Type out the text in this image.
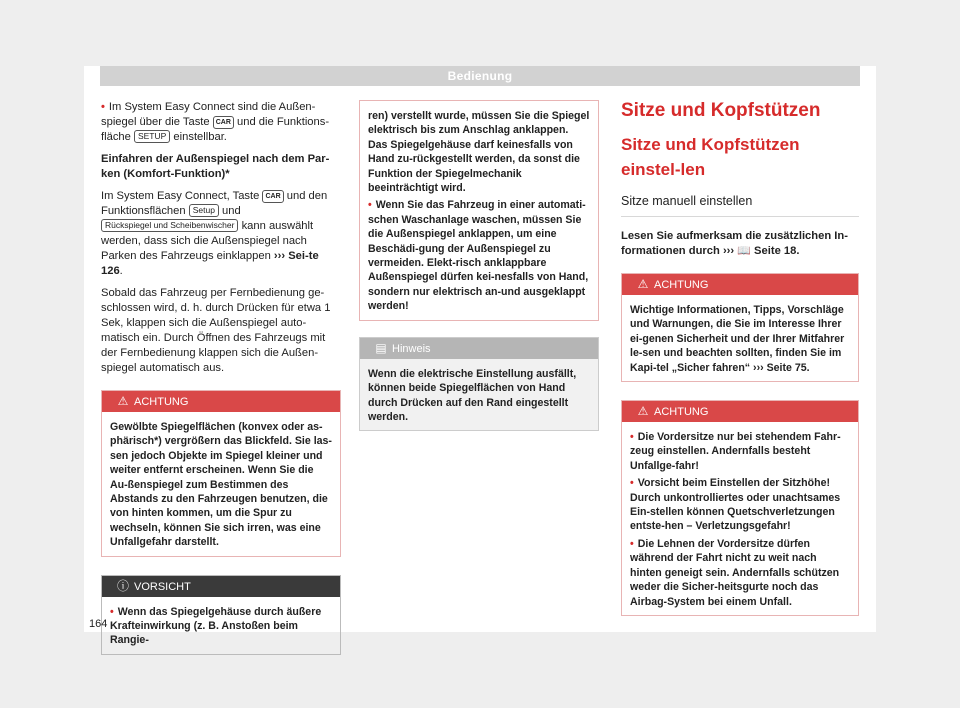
Bedienung

• Im System Easy Connect sind die Außen-spiegel über die Taste CAR und die Funktions-fläche SETUP einstellbar.

Einfahren der Außenspiegel nach dem Par-ken (Komfort-Funktion)*

Im System Easy Connect, Taste CAR und den Funktionsflächen Setup und Rückspiegel und Scheibenwischer kann auswählt werden, dass sich die Außenspiegel nach Parken des Fahrzeugs einklappen ››› Sei-te 126.

Sobald das Fahrzeug per Fernbedienung ge-schlossen wird, d. h. durch Drücken für etwa 1 Sek, klappen sich die Außenspiegel auto-matisch ein. Durch Öffnen des Fahrzeugs mit der Fernbedienung klappen sich die Außen-spiegel automatisch aus.

⚠ ACHTUNG
Gewölbte Spiegelflächen (konvex oder as-phärisch*) vergrößern das Blickfeld. Sie las-sen jedoch Objekte im Spiegel kleiner und weiter entfernt erscheinen. Wenn Sie die Au-ßenspiegel zum Bestimmen des Abstands zu den Fahrzeugen benutzen, die von hinten kommen, um die Spur zu wechseln, können Sie sich irren, was eine Unfallgefahr darstellt.
ⓘ VORSICHT
• Wenn das Spiegelgehäuse durch äußere Krafteinwirkung (z. B. Anstoßen beim Rangie-
ren) verstellt wurde, müssen Sie die Spiegel elektrisch bis zum Anschlag anklappen. Das Spiegelgehäuse darf keinesfalls von Hand zu-rückgestellt werden, da sonst die Funktion der Spiegelmechanik beeinträchtigt wird.
• Wenn Sie das Fahrzeug in einer automati-schen Waschanlage waschen, müssen Sie die Außenspiegel anklappen, um eine Beschädi-gung der Außenspiegel zu vermeiden. Elekt-risch anklappbare Außenspiegel dürfen kei-nesfalls von Hand, sondern nur elektrisch an-und ausgeklappt werden!
▤ Hinweis
Wenn die elektrische Einstellung ausfällt, können beide Spiegelflächen von Hand durch Drücken auf den Rand eingestellt werden.
Sitze und Kopfstützen
Sitze und Kopfstützen einstel-len
Sitze manuell einstellen

Lesen Sie aufmerksam die zusätzlichen In-formationen durch ››› 📖 Seite 18.

⚠ ACHTUNG
Wichtige Informationen, Tipps, Vorschläge und Warnungen, die Sie im Interesse Ihrer ei-genen Sicherheit und der Ihrer Mitfahrer le-sen und beachten sollten, finden Sie im Kapi-tel „Sicher fahren“ ››› Seite 75.
⚠ ACHTUNG
• Die Vordersitze nur bei stehendem Fahr-zeug einstellen. Andernfalls besteht Unfallge-fahr!
• Vorsicht beim Einstellen der Sitzhöhe! Durch unkontrolliertes oder unachtsames Ein-stellen können Quetschverletzungen entste-hen – Verletzungsgefahr!
• Die Lehnen der Vordersitze dürfen während der Fahrt nicht zu weit nach hinten geneigt sein. Andernfalls schützen weder die Sicher-heitsgurte noch das Airbag-System bei einem Unfall.
164
